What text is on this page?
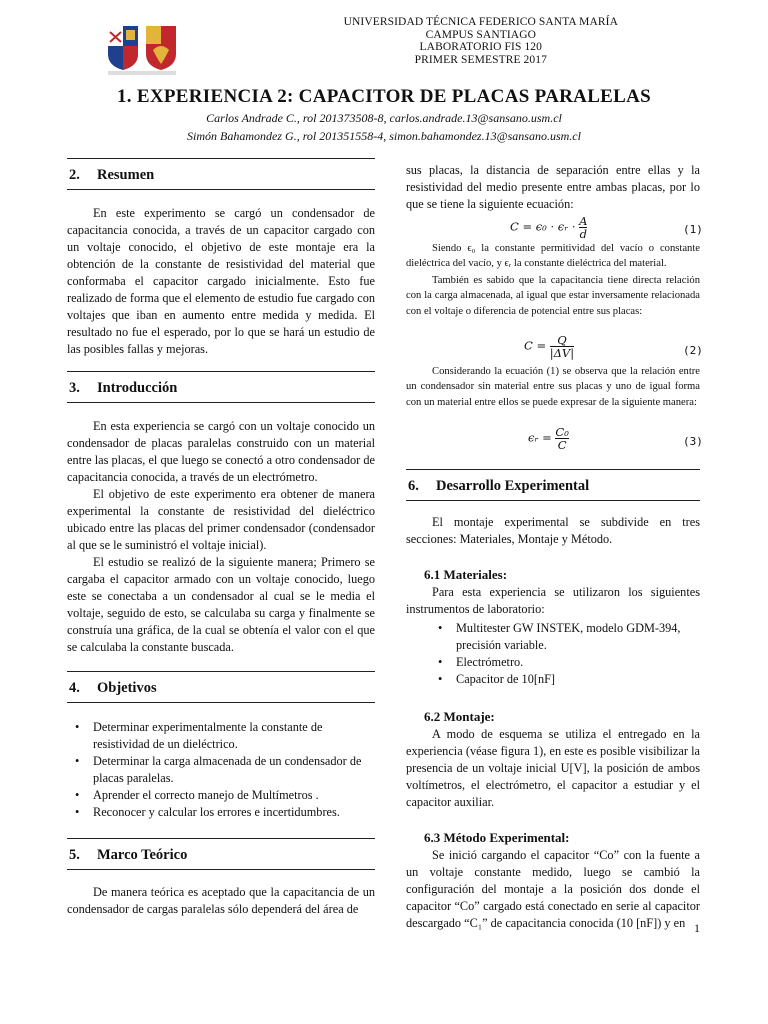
UNIVERSIDAD TÉCNICA FEDERICO SANTA MARÍA
CAMPUS SANTIAGO
LABORATORIO FIS 120
PRIMER SEMESTRE 2017
1. EXPERIENCIA 2: CAPACITOR DE PLACAS PARALELAS
Carlos Andrade C., rol 201373508-8, carlos.andrade.13@sansano.usm.cl
Simón Bahamondez G., rol 201351558-4, simon.bahamondez.13@sansano.usm.cl
2. Resumen

En este experimento se cargó un condensador de capacitancia conocida, a través de un capacitor cargado con un voltaje conocido, el objetivo de este montaje era la obtención de la constante de resistividad del material que conformaba el capacitor cargado inicialmente. Esto fue realizado de forma que el elemento de estudio fue cargado con voltajes que iban en aumento entre medida y medida. El resultado no fue el esperado, por lo que se hará un estudio de las posibles fallas y mejoras.

3. Introducción

En esta experiencia se cargó con un voltaje conocido un condensador de placas paralelas construido con un material entre las placas, el que luego se conectó a otro condensador de capacitancia conocida, a través de un electrómetro.

El objetivo de este experimento era obtener de manera experimental la constante de resistividad del dieléctrico ubicado entre las placas del primer condensador (condensador al que se le suministró el voltaje inicial).

El estudio se realizó de la siguiente manera; Primero se cargaba el capacitor armado con un voltaje conocido, luego este se conectaba a un condensador al cual se le media el voltaje, seguido de esto, se calculaba su carga y finalmente se construía una gráfica, de la cual se obtenía el valor con el que se calculaba la constante buscada.

4. Objetivos
• Determinar experimentalmente la constante de resistividad de un dieléctrico.
• Determinar la carga almacenada de un condensador de placas paralelas.
• Aprender el correcto manejo de Multímetros .
• Reconocer y calcular los errores e incertidumbres.
5. Marco Teórico

De manera teórica es aceptado que la capacitancia de un condensador de cargas paralelas sólo dependerá del área de

sus placas, la distancia de separación entre ellas y la resistividad del medio presente entre ambas placas, por lo que se tiene la siguiente ecuación:

C = ϵ₀ · ϵᵣ · $\frac{A}{d}$	(1)

Siendo ϵ₀ la constante permitividad del vacío o constante dieléctrica del vacío, y ϵᵣ la constante dieléctrica del material.

También es sabido que la capacitancia tiene directa relación con la carga almacenada, al igual que estar inversamente relacionada con el voltaje o diferencia de potencial entre sus placas:

$C = \frac{Q}{|\Delta V|}$	(2)

Considerando la ecuación (1) se observa que la relación entre un condensador sin material entre sus placas y uno de igual forma con un material entre ellos se puede expresar de la siguiente manera:

ϵᵣ = $\frac{\text{C₀}}{C}$	(3)
6. Desarrollo Experimental

El montaje experimental se subdivide en tres secciones: Materiales, Montaje y Método.

6.1 Materiales:

Para esta experiencia se utilizaron los siguientes instrumentos de laboratorio:

• Multitester GW INSTEK, modelo GDM-394, precisión variable.
• Electrómetro.
• Capacitor de 10[nF]
6.2 Montaje:

A modo de esquema se utiliza el entregado en la experiencia (véase figura 1), en este es posible visibilizar la presencia de un voltaje inicial U[V], la posición de ambos voltímetros, el electrómetro, el capacitor a estudiar y el capacitor auxiliar.

6.3 Método Experimental:

Se inició cargando el capacitor “Co” con la fuente a un voltaje constante medido, luego se cambió la configuración del montaje a la posición dos donde el capacitor “Co” cargado está conectado en serie al capacitor descargado “C₁” de capacitancia conocida (10 [nF]) y en 1
